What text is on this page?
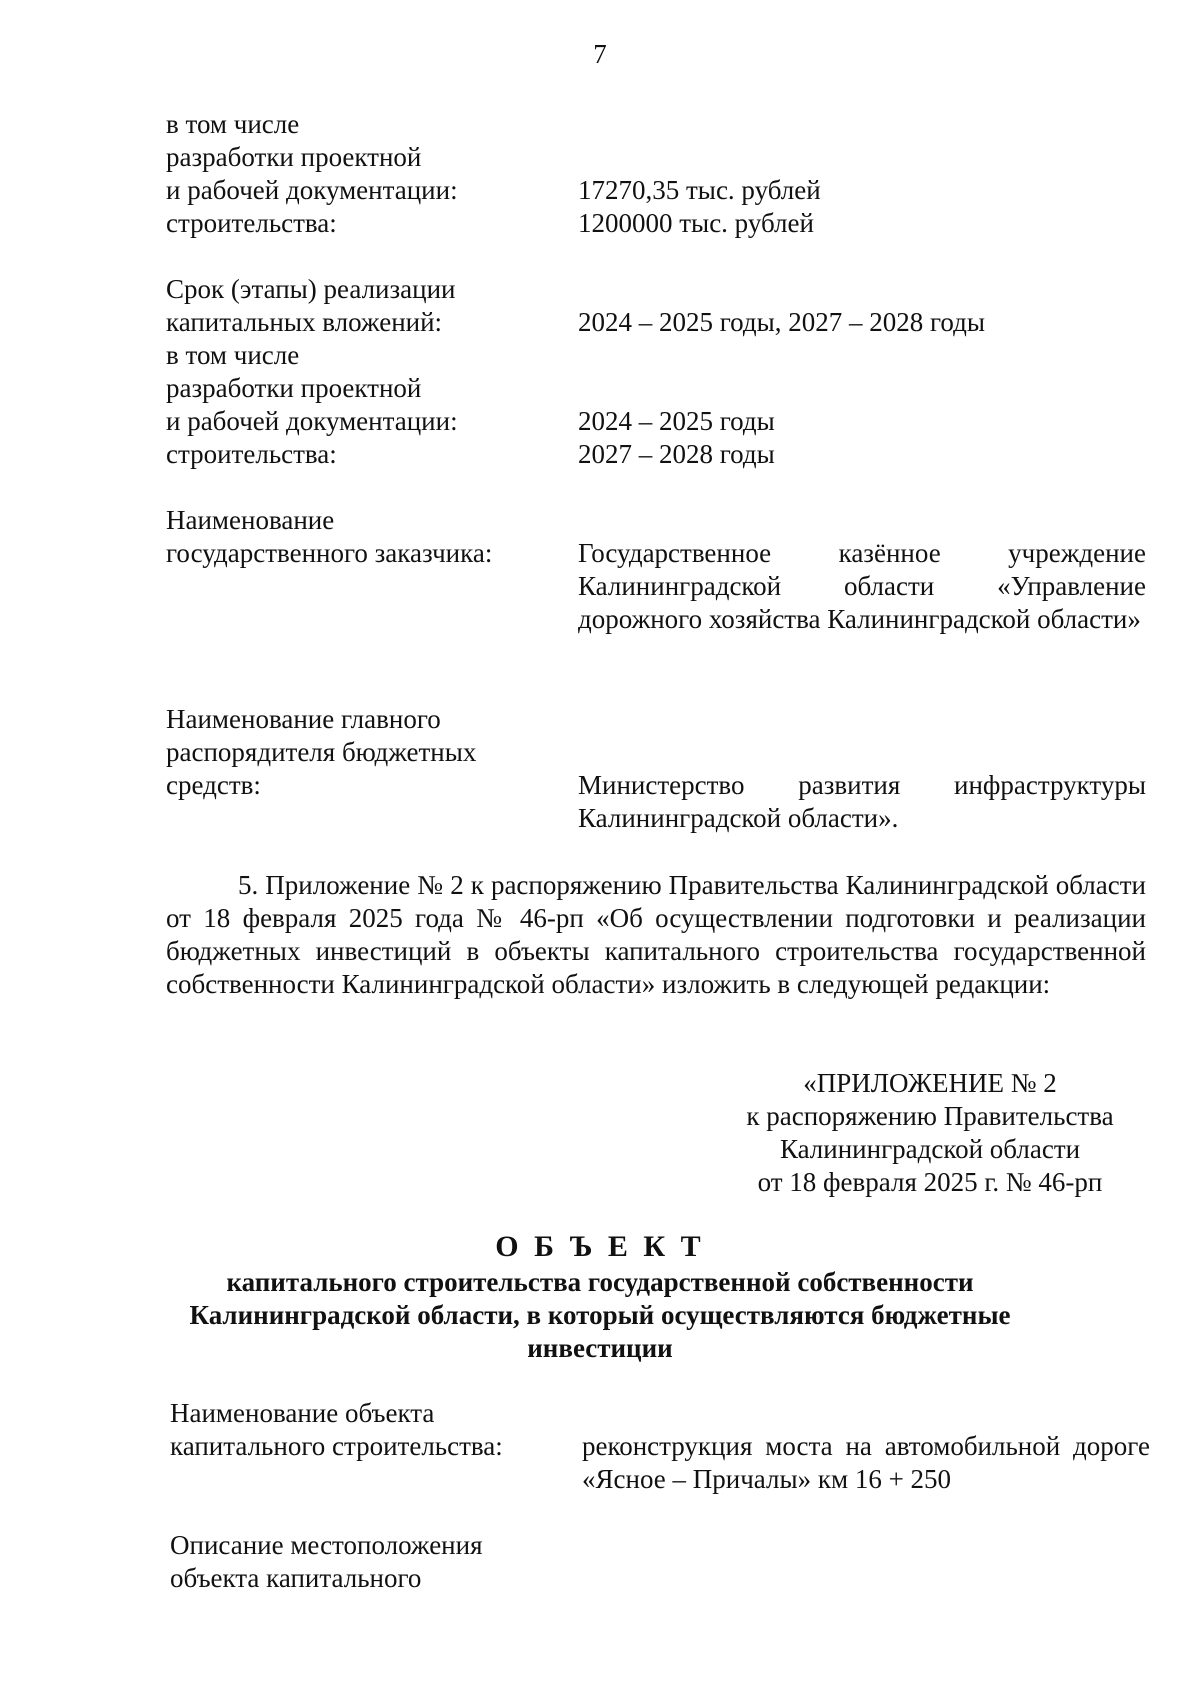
7
в том числе
разработки проектной
и рабочей документации:	17270,35 тыс. рублей
строительства:	1200000 тыс. рублей
Срок (этапы) реализации
капитальных вложений:	2024 – 2025 годы, 2027 – 2028 годы
в том числе
разработки проектной
и рабочей документации:	2024 – 2025 годы
строительства:	2027 – 2028 годы
Наименование
государственного заказчика:	Государственное казённое учреждение Калининградской области «Управление дорожного хозяйства Калининградской области»
Наименование главного
распорядителя бюджетных
средств:	Министерство развития инфраструктуры Калининградской области».
5. Приложение № 2 к распоряжению Правительства Калининградской области от 18 февраля 2025 года № 46-рп «Об осуществлении подготовки и реализации бюджетных инвестиций в объекты капитального строительства государственной собственности Калининградской области» изложить в следующей редакции:
«ПРИЛОЖЕНИЕ № 2
к распоряжению Правительства
Калининградской области
от 18 февраля 2025 г. № 46-рп
О Б Ъ Е К Т
капитального строительства государственной собственности
Калининградской области, в который осуществляются бюджетные
инвестиции
Наименование объекта
капитального строительства:	реконструкция моста на автомобильной дороге «Ясное – Причалы» км 16 + 250
Описание местоположения
объекта капитального
